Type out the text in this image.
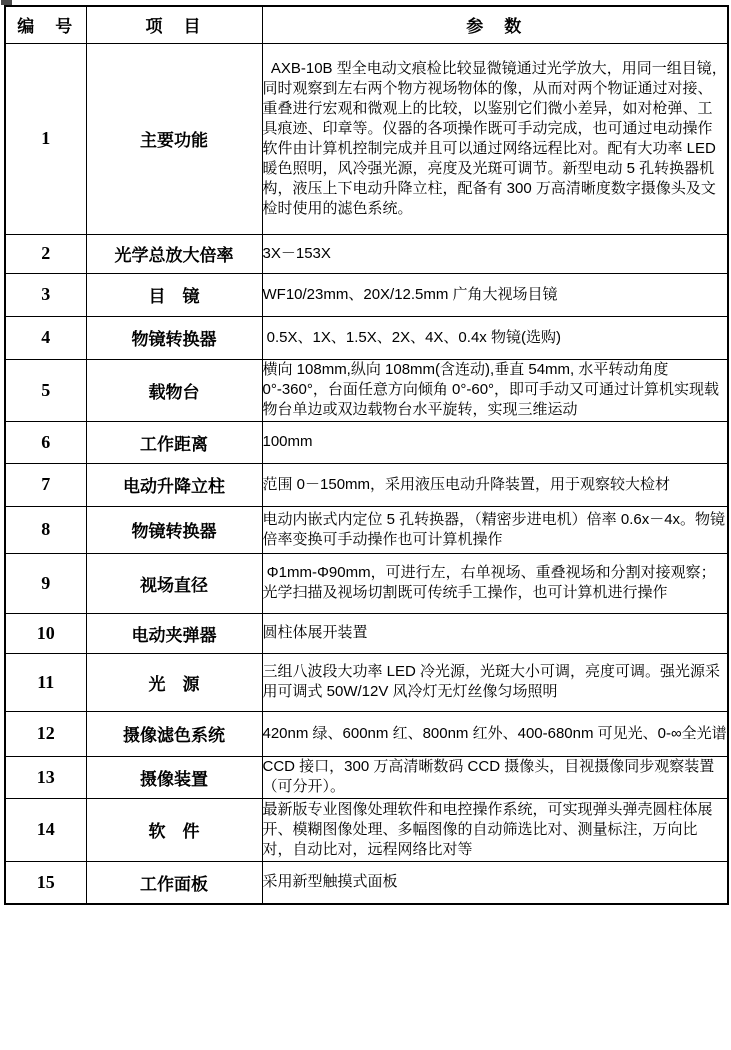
编　号	项　目	参　数
1	主要功能	AXB-10B 型全电动文痕检比较显微镜通过光学放大，用同一组目镜，同时观察到左右两个物方视场物体的像，从而对两个物证通过对接、重叠进行宏观和微观上的比较，以鉴别它们微小差异，如对枪弹、工具痕迹、印章等。仪器的各项操作既可手动完成，也可通过电动操作软件由计算机控制完成并且可以通过网络远程比对。配有大功率 LED 暖色照明，风冷强光源，亮度及光斑可调节。新型电动 5 孔转换器机构，液压上下电动升降立柱，配备有 300 万高清晰度数字摄像头及文检时使用的滤色系统。
2	光学总放大倍率	3X－153X
3	目　镜	WF10/23mm、20X/12.5mm 广角大视场目镜
4	物镜转换器	0.5X、1X、1.5X、2X、4X、0.4x 物镜(选购)
5	载物台	横向 108mm,纵向 108mm(含连动),垂直 54mm, 水平转动角度 0°-360°，台面任意方向倾角 0°-60°，即可手动又可通过计算机实现载物台单边或双边载物台水平旋转，实现三维运动
6	工作距离	100mm
7	电动升降立柱	范围 0－150mm，采用液压电动升降装置，用于观察较大检材
8	物镜转换器	电动内嵌式内定位 5 孔转换器，（精密步进电机）倍率 0.6x－4x。物镜倍率变换可手动操作也可计算机操作
9	视场直径	Φ1mm-Φ90mm，可进行左，右单视场、重叠视场和分割对接观察；光学扫描及视场切割既可传统手工操作，也可计算机进行操作
10	电动夹弹器	圆柱体展开装置
11	光　源	三组八波段大功率 LED 冷光源，光斑大小可调，亮度可调。强光源采用可调式 50W/12V 风冷灯无灯丝像匀场照明
12	摄像滤色系统	420nm 绿、600nm 红、800nm 红外、400-680nm 可见光、0-∞全光谱
13	摄像装置	CCD 接口，300 万高清晰数码 CCD 摄像头，目视摄像同步观察装置（可分开）。
14	软　件	最新版专业图像处理软件和电控操作系统，可实现弹头弹壳圆柱体展开、模糊图像处理、多幅图像的自动筛选比对、测量标注，万向比对，自动比对，远程网络比对等
15	工作面板	采用新型触摸式面板
